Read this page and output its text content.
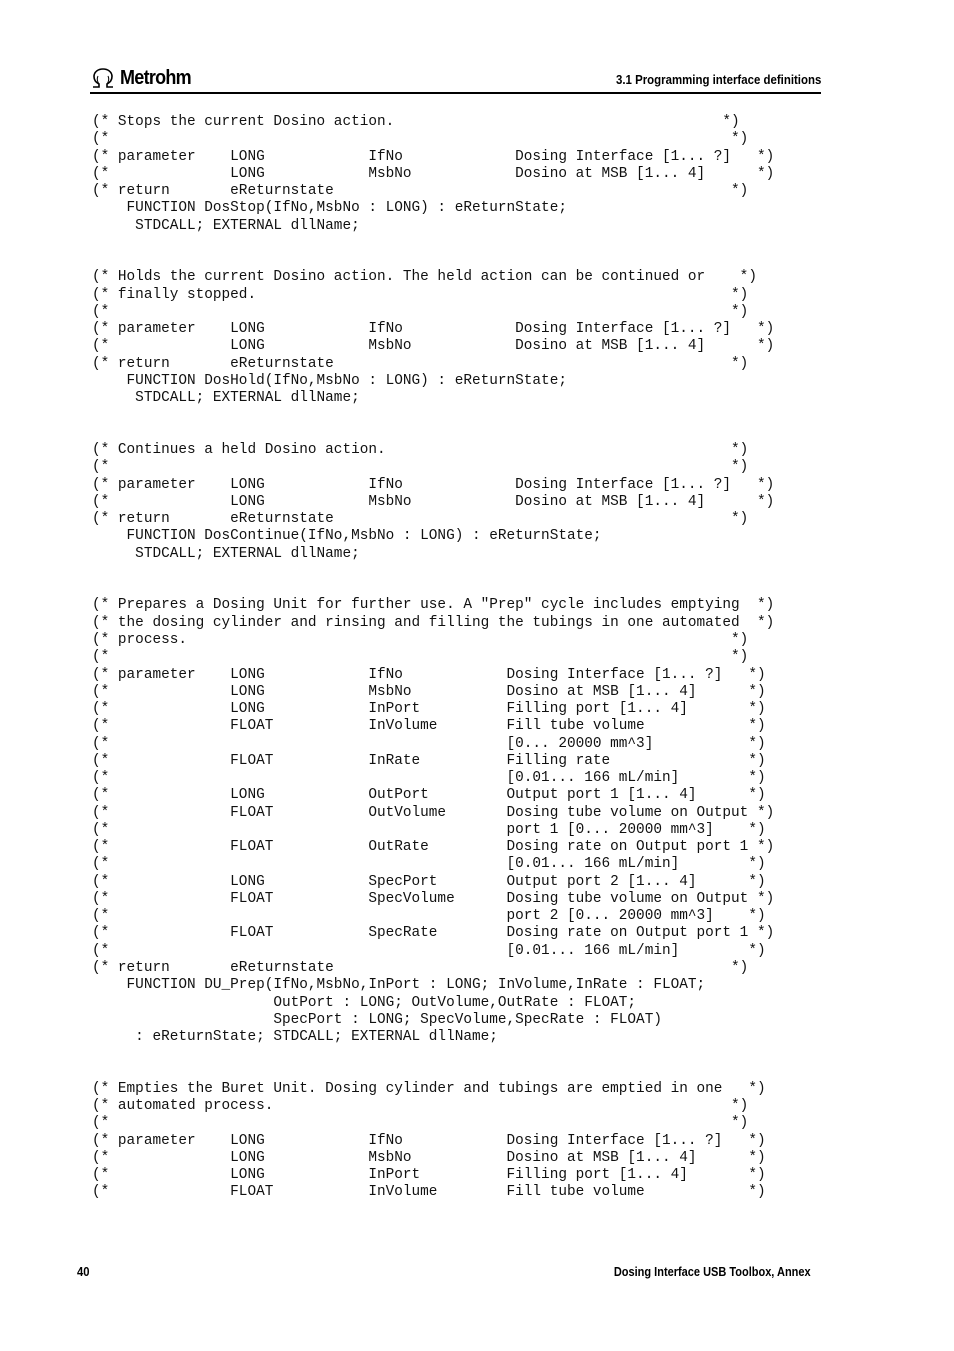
Metrohm	3.1 Programming interface definitions
(* Stops the current Dosino action.                                      *)
(*                                                                        *)
(* parameter    LONG            IfNo             Dosing Interface [1... ?]   *)
(*              LONG            MsbNo            Dosino at MSB [1... 4]      *)
(* return       eReturnstate                                              *)
FUNCTION DosStop(IfNo,MsbNo : LONG) : eReturnState;
STDCALL; EXTERNAL dllName;

(* Holds the current Dosino action. The held action can be continued or    *)
(* finally stopped.                                                       *)
(*                                                                        *)
(* parameter    LONG            IfNo             Dosing Interface [1... ?]   *)
(*              LONG            MsbNo            Dosino at MSB [1... 4]      *)
(* return       eReturnstate                                              *)
FUNCTION DosHold(IfNo,MsbNo : LONG) : eReturnState;
STDCALL; EXTERNAL dllName;

(* Continues a held Dosino action.                                        *)
(*                                                                        *)
(* parameter    LONG            IfNo             Dosing Interface [1... ?]   *)
(*              LONG            MsbNo            Dosino at MSB [1... 4]      *)
(* return       eReturnstate                                              *)
FUNCTION DosContinue(IfNo,MsbNo : LONG) : eReturnState;
STDCALL; EXTERNAL dllName;

(* Prepares a Dosing Unit for further use. A "Prep" cycle includes emptying  *)
(* the dosing cylinder and rinsing and filling the tubings in one automated  *)
(* process.                                                               *)
(*                                                                        *)
(* parameter    LONG            IfNo            Dosing Interface [1... ?]   *)
(*              LONG            MsbNo           Dosino at MSB [1... 4]      *)
(*              LONG            InPort          Filling port [1... 4]       *)
(*              FLOAT           InVolume        Fill tube volume            *)
(*                                              [0... 20000 mm^3]           *)
(*              FLOAT           InRate          Filling rate                *)
(*                                              [0.01... 166 mL/min]        *)
(*              LONG            OutPort         Output port 1 [1... 4]      *)
(*              FLOAT           OutVolume       Dosing tube volume on Output *)
(*                                              port 1 [0... 20000 mm^3]    *)
(*              FLOAT           OutRate         Dosing rate on Output port 1 *)
(*                                              [0.01... 166 mL/min]        *)
(*              LONG            SpecPort        Output port 2 [1... 4]      *)
(*              FLOAT           SpecVolume      Dosing tube volume on Output *)
(*                                              port 2 [0... 20000 mm^3]    *)
(*              FLOAT           SpecRate        Dosing rate on Output port 1 *)
(*                                              [0.01... 166 mL/min]        *)
(* return       eReturnstate                                              *)
FUNCTION DU_Prep(IfNo,MsbNo,InPort : LONG; InVolume,InRate : FLOAT;
OutPort : LONG; OutVolume,OutRate : FLOAT;
SpecPort : LONG; SpecVolume,SpecRate : FLOAT)
: eReturnState; STDCALL; EXTERNAL dllName;

(* Empties the Buret Unit. Dosing cylinder and tubings are emptied in one   *)
(* automated process.                                                     *)
(*                                                                        *)
(* parameter    LONG            IfNo            Dosing Interface [1... ?]   *)
(*              LONG            MsbNo           Dosino at MSB [1... 4]      *)
(*              LONG            InPort          Filling port [1... 4]       *)
(*              FLOAT           InVolume        Fill tube volume            *)
40	Dosing Interface USB Toolbox, Annex
